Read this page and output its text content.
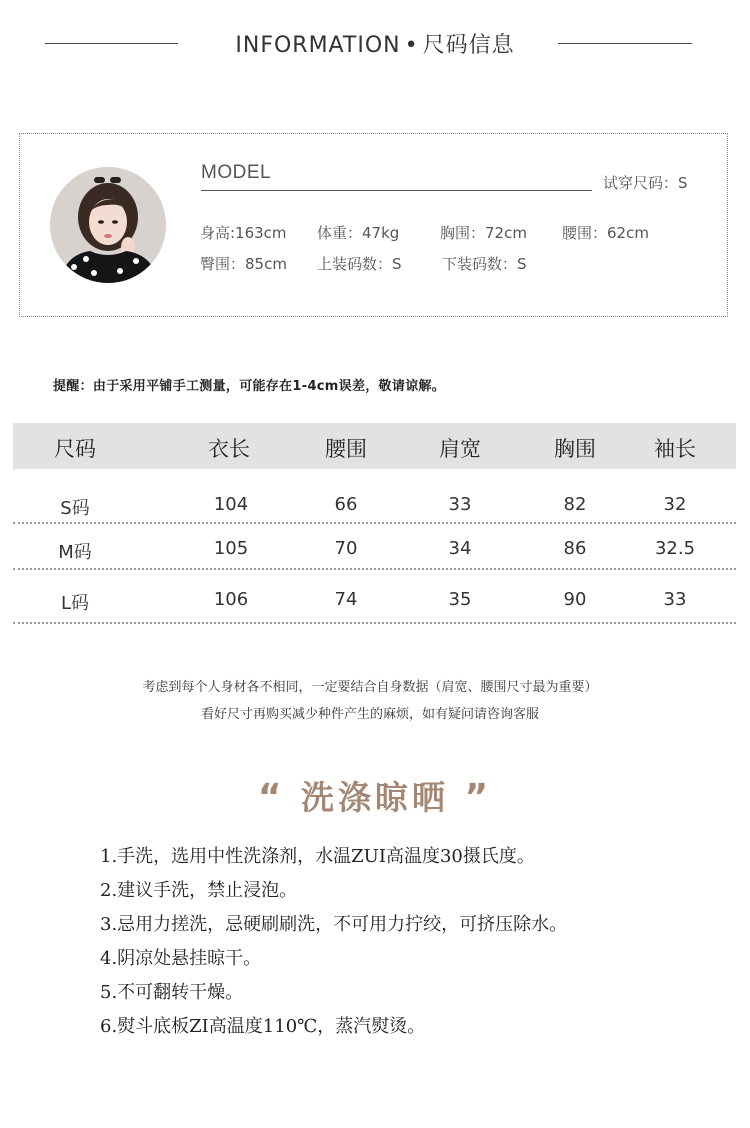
INFORMATION • 尺码信息
MODEL	试穿尺码：S
身高:163cm 体重：47kg	胸围：72cm 腰围：62cm
臀围：85cm 上装码数：S	下装码数：S
提醒：由于采用平铺手工测量，可能存在1-4cm误差，敬请谅解。
尺码	衣长	腰围	肩宽	胸围	袖长
S码	104	66	33	82	32
M码	105	70	34	86	32.5
L码	106	74	35	90	33
考虑到每个人身材各不相同，一定要结合自身数据（肩宽、腰围尺寸最为重要）
看好尺寸再购买减少种件产生的麻烦，如有疑问请咨询客服
“ 洗涤晾晒 ”
1.手洗，选用中性洗涤剂，水温ZUI高温度30摄氏度。
2.建议手洗，禁止浸泡。
3.忌用力搓洗，忌硬刷刷洗，不可用力拧绞，可挤压除水。
4.阴凉处悬挂晾干。
5.不可翻转干燥。
6.熨斗底板ZI高温度110℃，蒸汽熨烫。
